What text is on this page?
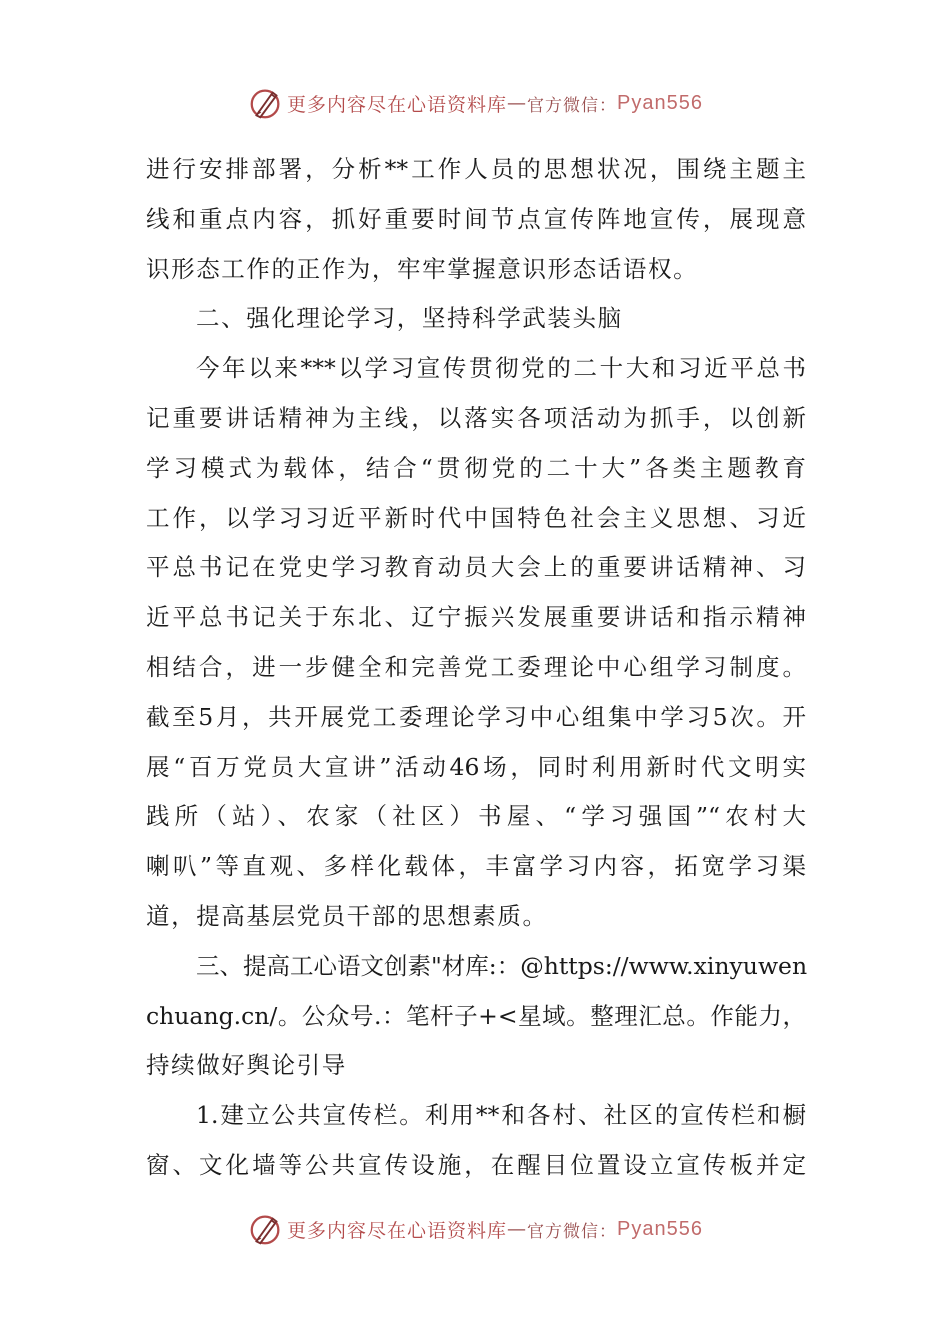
更多内容尽在心语资料库 — 官方微信： Pyan556
进行安排部署，分析**工作人员的思想状况，围绕主题主
线和重点内容，抓好重要时间节点宣传阵地宣传，展现意
识形态工作的正作为，牢牢掌握意识形态话语权。
二、强化理论学习，坚持科学武装头脑
今年以来***以学习宣传贯彻党的二十大和习近平总书
记重要讲话精神为主线，以落实各项活动为抓手，以创新
学习模式为载体，结合“贯彻党的二十大”各类主题教育
工作，以学习习近平新时代中国特色社会主义思想、习近
平总书记在党史学习教育动员大会上的重要讲话精神、习
近平总书记关于东北、辽宁振兴发展重要讲话和指示精神
相结合，进一步健全和完善党工委理论中心组学习制度。
截至5月，共开展党工委理论学习中心组集中学习5次。开
展“百万党员大宣讲”活动46场，同时利用新时代文明实
践所（站）、农家（社区）书屋、“学习强国”“农村大
喇叭”等直观、多样化载体，丰富学习内容，拓宽学习渠
道，提高基层党员干部的思想素质。
三、提高工心语文创素"材库:：@https://www.xinyuwen
chuang.cn/。公众号.：笔杆子+<星域。整理汇总。作能力，
持续做好舆论引导
1.建立公共宣传栏。利用**和各村、社区的宣传栏和橱
窗、文化墙等公共宣传设施，在醒目位置设立宣传板并定
更多内容尽在心语资料库 — 官方微信： Pyan556
